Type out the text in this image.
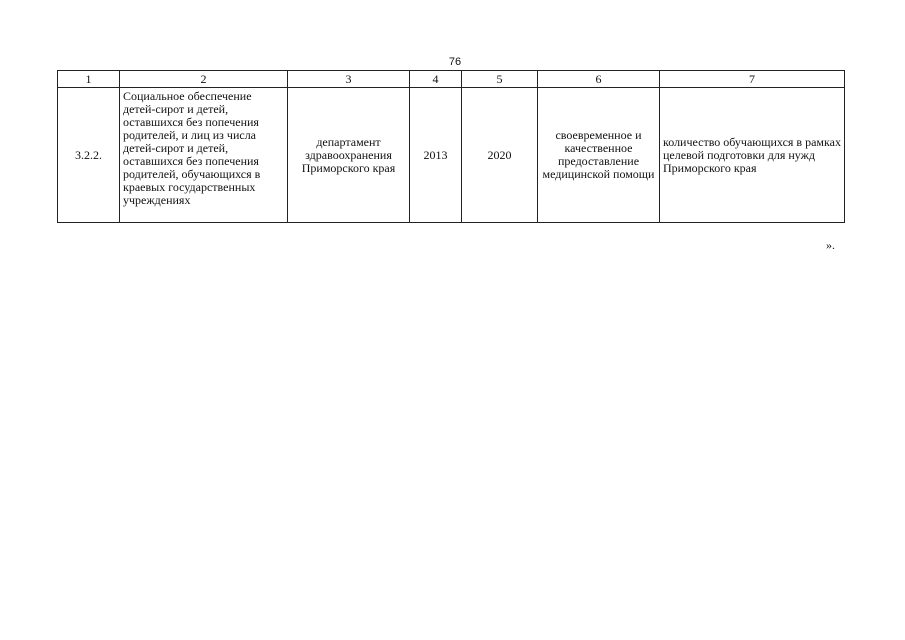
76
1	2	3	4	5	6	7
3.2.2.	Социальное обеспечение детей-сирот и детей, оставшихся без попечения родителей, и лиц из числа детей-сирот и детей, оставшихся без попечения родителей, обучающихся в краевых государственных учреждениях	департамент здравоохранения Приморского края	2013	2020	своевременное и качественное предоставление медицинской помощи	количество обучающихся в рамках целевой подготовки для нужд Приморского края
».
